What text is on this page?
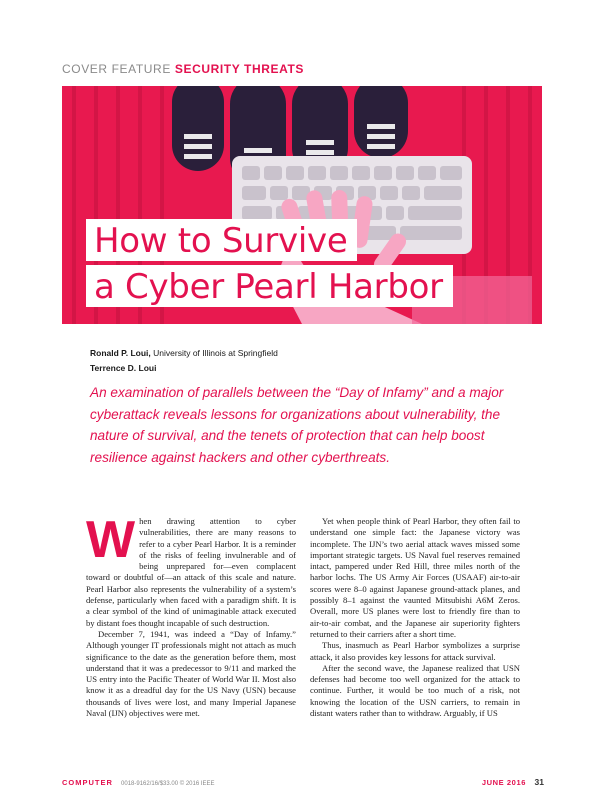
COVER FEATURE SECURITY THREATS
How to Survive
a Cyber Pearl Harbor
Ronald P. Loui, University of Illinois at Springfield
Terrence D. Loui
An examination of parallels between the “Day of Infamy” and a major cyberattack reveals lessons for organizations about vulnerability, the nature of survival, and the tenets of protection that can help boost resilience against hackers and other cyberthreats.

When drawing attention to cyber vulnerabilities, there are many reasons to refer to a cyber Pearl Harbor. It is a reminder of the risks of feeling invulnerable and of being unprepared for—even complacent toward or doubtful of—an attack of this scale and nature. Pearl Harbor also represents the vulnerability of a system’s defense, particularly when faced with a paradigm shift. It is a clear symbol of the kind of unimaginable attack executed by distant foes thought incapable of such destruction.

December 7, 1941, was indeed a “Day of Infamy.” Although younger IT professionals might not attach as much significance to the date as the generation before them, most understand that it was a predecessor to 9/11 and marked the US entry into the Pacific Theater of World War II. Most also know it as a dreadful day for the US Navy (USN) because thousands of lives were lost, and many Imperial Japanese Naval (IJN) objectives were met.

Yet when people think of Pearl Harbor, they often fail to understand one simple fact: the Japanese victory was incomplete. The IJN’s two aerial attack waves missed some important strategic targets. US Naval fuel reserves remained intact, pampered under Red Hill, three miles north of the harbor lochs. The US Army Air Forces (USAAF) air-to-air scores were 8–0 against Japanese ground-attack planes, and possibly 8–1 against the vaunted Mitsubishi A6M Zeros. Overall, more US planes were lost to friendly fire than to air-to-air combat, and the Japanese air superiority fighters returned to their carriers after a short time.

Thus, inasmuch as Pearl Harbor symbolizes a surprise attack, it also provides key lessons for attack survival.

After the second wave, the Japanese realized that USN defenses had become too well organized for the attack to continue. Further, it would be too much of a risk, not knowing the location of the USN carriers, to remain in distant waters rather than to withdraw. Arguably, if US

COMPUTER 0018-9162/16/$33.00 © 2016 IEEE	JUNE 2016 31
